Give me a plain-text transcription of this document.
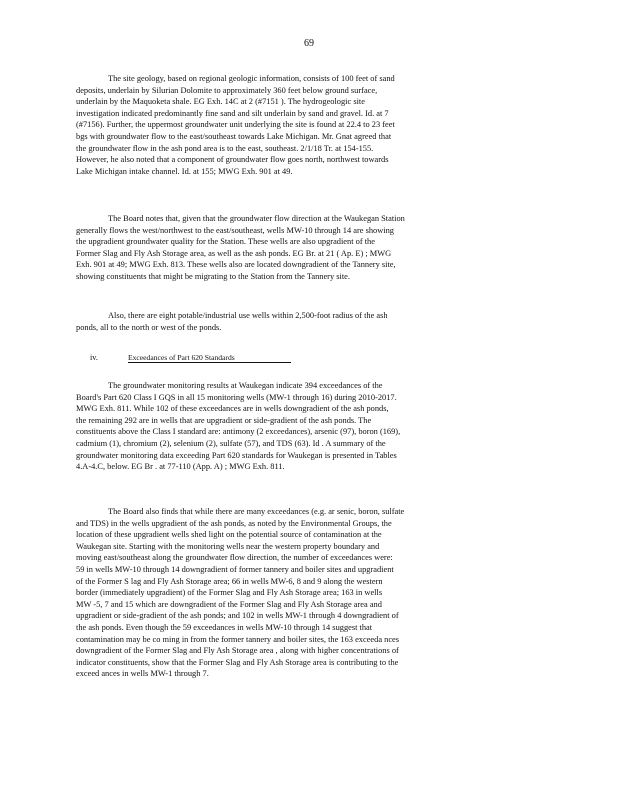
69
The site geology, based on regional geologic information, consists of 100 feet of sand
deposits, underlain by Silurian Dolomite to approximately 360 feet below ground surface,
underlain by the Maquoketa shale. EG Exh. 14C at 2 (#7151 ). The hydrogeologic site
investigation indicated predominantly fine sand and silt underlain by sand and gravel. Id. at 7
(#7156). Further, the uppermost groundwater unit underlying the site is found at 22.4 to 23 feet
bgs with groundwater flow to the east/southeast towards Lake Michigan. Mr. Gnat agreed that
the groundwater flow in the ash pond area is to the east, southeast. 2/1/18 Tr. at 154-155.
However, he also noted that a component of groundwater flow goes north, northwest towards
Lake Michigan intake channel. Id. at 155; MWG Exh. 901 at 49.
The Board notes that, given that the groundwater flow direction at the Waukegan Station
generally flows the west/northwest to the east/southeast, wells MW-10 through 14 are showing
the upgradient groundwater quality for the Station. These wells are also upgradient of the
Former Slag and Fly Ash Storage area, as well as the ash ponds. EG Br. at 21 ( Ap. E) ; MWG
Exh. 901 at 49; MWG Exh. 813. These wells also are located downgradient of the Tannery site,
showing constituents that might be migrating to the Station from the Tannery site.
Also, there are eight potable/industrial use wells within 2,500-foot radius of the ash
ponds, all to the north or west of the ponds.
iv.	Exceedances of Part 620 Standards
The groundwater monitoring results at Waukegan indicate 394 exceedances of the
Board's Part 620 Class I GQS in all 15 monitoring wells (MW-1 through 16) during 2010-2017.
MWG Exh. 811. While 102 of these exceedances are in wells downgradient of the ash ponds,
the remaining 292 are in wells that are upgradient or side-gradient of the ash ponds. The
constituents above the Class I standard are: antimony (2 exceedances), arsenic (97), boron (169),
cadmium (1), chromium (2), selenium (2), sulfate (57), and TDS (63). Id . A summary of the
groundwater monitoring data exceeding Part 620 standards for Waukegan is presented in Tables
4.A-4.C, below. EG Br . at 77-110 (App. A) ; MWG Exh. 811.
The Board also finds that while there are many exceedances (e.g. ar senic, boron, sulfate
and TDS) in the wells upgradient of the ash ponds, as noted by the Environmental Groups, the
location of these upgradient wells shed light on the potential source of contamination at the
Waukegan site. Starting with the monitoring wells near the western property boundary and
moving east/southeast along the groundwater flow direction, the number of exceedances were:
59 in wells MW-10 through 14 downgradient of former tannery and boiler sites and upgradient
of the Former S lag and Fly Ash Storage area; 66 in wells MW-6, 8 and 9 along the western
border (immediately upgradient) of the Former Slag and Fly Ash Storage area; 163 in wells
MW -5, 7 and 15 which are downgradient of the Former Slag and Fly Ash Storage area and
upgradient or side-gradient of the ash ponds; and 102 in wells MW-1 through 4 downgradient of
the ash ponds. Even though the 59 exceedances in wells MW-10 through 14 suggest that
contamination may be co ming in from the former tannery and boiler sites, the 163 exceeda nces
downgradient of the Former Slag and Fly Ash Storage area , along with higher concentrations of
indicator constituents, show that the Former Slag and Fly Ash Storage area is contributing to the
exceed ances in wells MW-1 through 7.
